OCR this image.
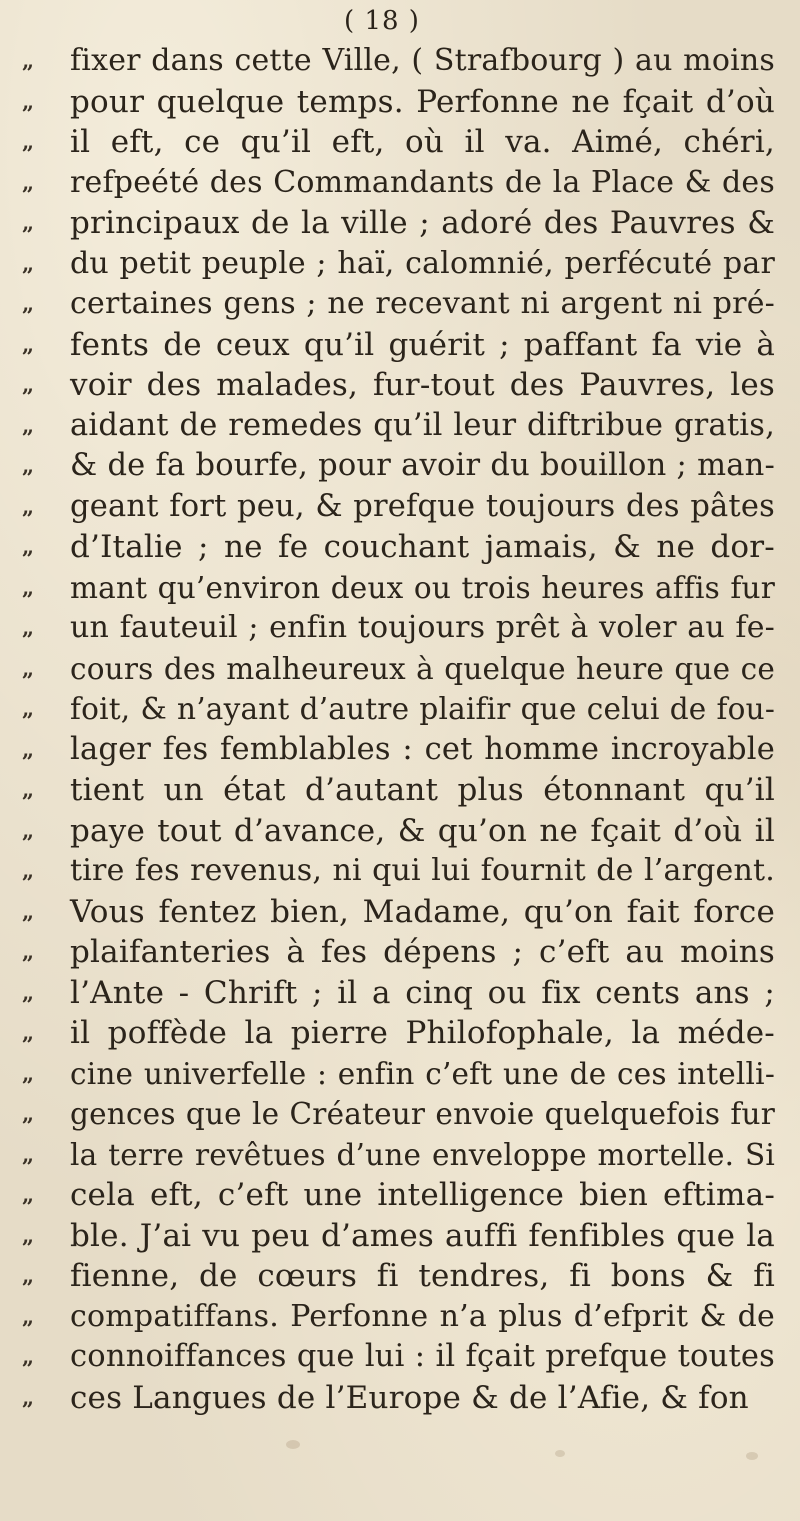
( 18 )
„	fixer dans cette Ville, ( Strafbourg ) au moins
„	pour quelque temps. Perfonne ne fçait d’où
„	il eft, ce qu’il eft, où il va. Aimé, chéri,
„	refpeété des Commandants de la Place & des
„	principaux de la ville ; adoré des Pauvres &
„	du petit peuple ; haï, calomnié, perfécuté par
„	certaines gens ; ne recevant ni argent ni pré-
„	fents de ceux qu’il guérit ; paffant fa vie à
„	voir des malades, fur-tout des Pauvres, les
„	aidant de remedes qu’il leur diftribue gratis,
„	& de fa bourfe, pour avoir du bouillon ; man-
„	geant fort peu, & prefque toujours des pâtes
„	d’Italie ; ne fe couchant jamais, & ne dor-
„	mant qu’environ deux ou trois heures affis fur
„	un fauteuil ; enfin toujours prêt à voler au fe-
„	cours des malheureux à quelque heure que ce
„	foit, & n’ayant d’autre plaifir que celui de fou-
„	lager fes femblables : cet homme incroyable
„	tient un état d’autant plus étonnant qu’il
„	paye tout d’avance, & qu’on ne fçait d’où il
„	tire fes revenus, ni qui lui fournit de l’argent.
„	Vous fentez bien, Madame, qu’on fait force
„	plaifanteries à fes dépens ; c’eft au moins
„	l’Ante - Chrift ; il a cinq ou fix cents ans ;
„	il poffède la pierre Philofophale, la méde-
„	cine univerfelle : enfin c’eft une de ces intelli-
„	gences que le Créateur envoie quelquefois fur
„	la terre revêtues d’une enveloppe mortelle. Si
„	cela eft, c’eft une intelligence bien eftima-
„	ble. J’ai vu peu d’ames auffi fenfibles que la
„	fienne, de cœurs fi tendres, fi bons & fi
„	compatiffans. Perfonne n’a plus d’efprit & de
„	connoiffances que lui : il fçait prefque toutes
„	ces Langues de l’Europe & de l’Afie, & fon
